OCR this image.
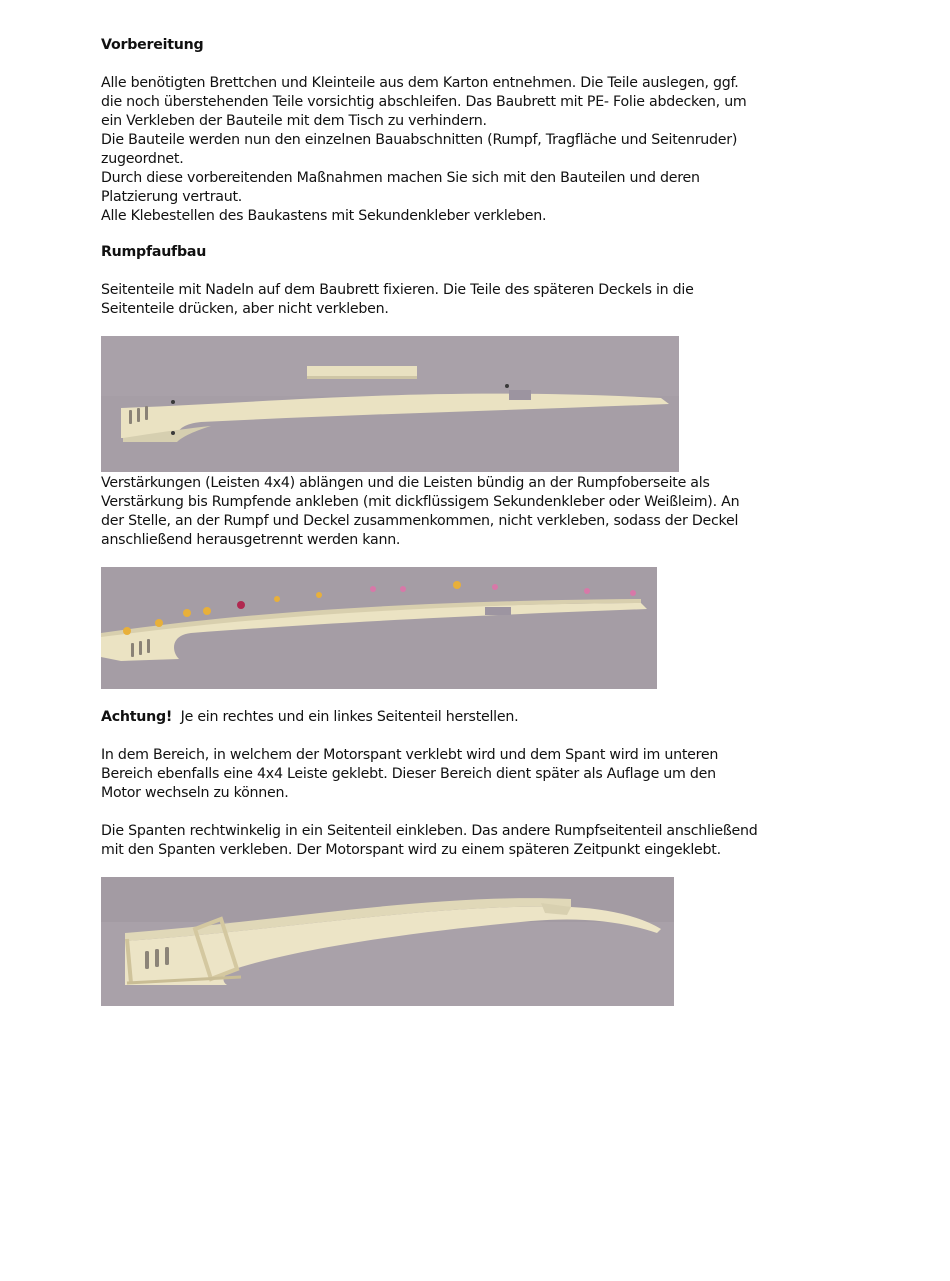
Vorbereitung

Alle benötigten Brettchen und Kleinteile aus dem Karton entnehmen. Die Teile auslegen, ggf.
die noch überstehenden Teile vorsichtig abschleifen. Das Baubrett mit PE- Folie abdecken, um
ein Verkleben der Bauteile mit dem Tisch zu verhindern.
Die Bauteile werden nun den einzelnen Bauabschnitten (Rumpf, Tragfläche und Seitenruder)
zugeordnet.
Durch diese vorbereitenden Maßnahmen machen Sie sich mit den Bauteilen und deren
Platzierung vertraut.
Alle Klebestellen des Baukastens mit Sekundenkleber verkleben.

Rumpfaufbau

Seitenteile mit Nadeln auf dem Baubrett fixieren. Die Teile des späteren Deckels in die
Seitenteile drücken, aber nicht verkleben.
Verstärkungen (Leisten 4x4) ablängen und die Leisten bündig an der Rumpfoberseite als
Verstärkung bis Rumpfende ankleben (mit dickflüssigem Sekundenkleber oder Weißleim). An
der Stelle, an der Rumpf und Deckel zusammenkommen, nicht verkleben, sodass der Deckel
anschließend herausgetrennt werden kann.

Achtung! Je ein rechtes und ein linkes Seitenteil herstellen.

In dem Bereich, in welchem der Motorspant verklebt wird und dem Spant wird im unteren
Bereich ebenfalls eine 4x4 Leiste geklebt. Dieser Bereich dient später als Auflage um den
Motor wechseln zu können.
Die Spanten rechtwinkelig in ein Seitenteil einkleben. Das andere Rumpfseitenteil anschließend
mit den Spanten verkleben. Der Motorspant wird zu einem späteren Zeitpunkt eingeklebt.
